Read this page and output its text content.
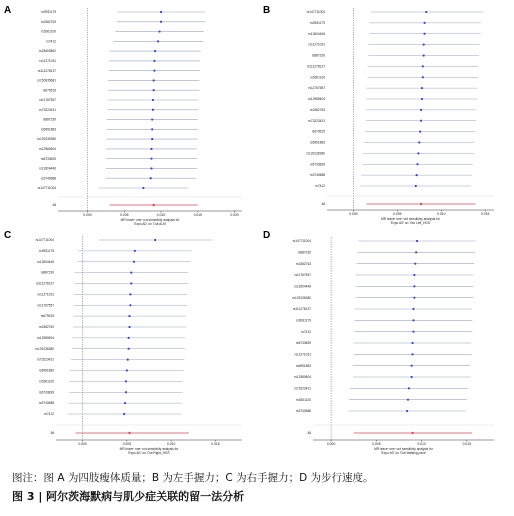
A	rs9931179
rs1582763
rs5301100
rs7412
rs28400862
rs11271031
rs111278137
rs150935681
rs679515
rs11767557
rs73223431
rs887230
rs6951883
rs139136380
rs12980604
rs6733839
rs12604446
rs3740688
rs147711004
All
0.000	0.005	0.010	0.015	0.020
MR leave−one−out sensitivity analysis for
'Expo AD' on 'Out ALM'
B	rs147711004
rs9931179
rs12604446
rs11271031
rs887230
rs111278137
rs5301100
rs11767557
rs12980604
rs1582763
rs73223431
rs679515
rs6951883
rs139136380
rs6733839
rs3740688
rs7412
All
0.000	0.005	0.010	0.015
MR leave−one−out sensitivity analysis for
'Expo AD' on 'Out Left_HGS'
C	rs147711004
rs9931179
rs12604446
rs887230
rs111278137
rs11271031
rs11767557
rs679515
rs1582763
rs12980604
rs139136380
rs73223431
rs6951883
rs5301100
rs6733839
rs3740688
rs7412
All
0.000	0.005	0.010	0.015
MR leave−one−out sensitivity analysis for
'Expo AD' on 'Out Right_HGS'
D
rs147711004
rs887230
rs1582763
rs11767557
rs12604446
rs139136380
rs111278137
rs9931179
rs7412
rs6733839
rs11271031
rs6951883
rs12980604
rs73223431
rs5301100
rs3740688
All
0.000	0.005	0.010	0.015
MR leave−one−out sensitivity analysis for
'Expo AD' on 'Out Walking pace'
图注：图 A 为四肢瘦体质量；B 为左手握力；C 为右手握力；D 为步行速度。
图 3 | 阿尔茨海默病与肌少症关联的留一法分析
